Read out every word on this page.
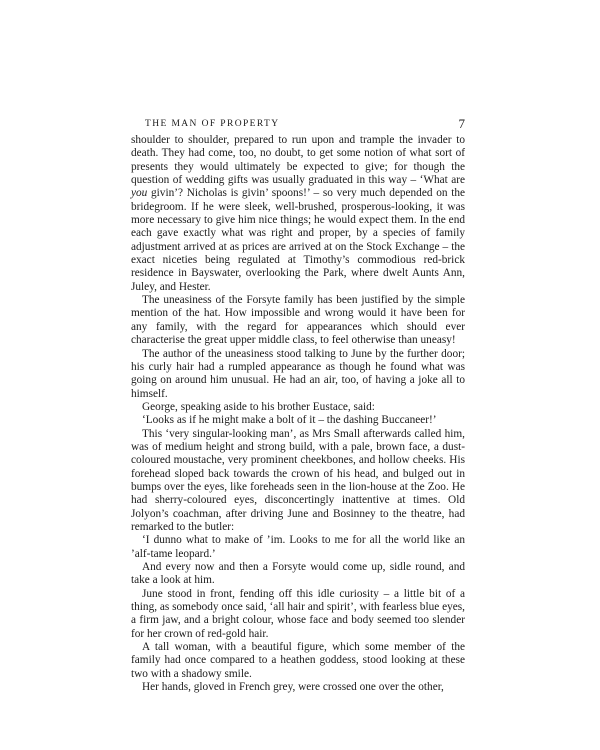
THE MAN OF PROPERTY	7

shoulder to shoulder, prepared to run upon and trample the invader to death. They had come, too, no doubt, to get some notion of what sort of presents they would ultimately be expected to give; for though the question of wedding gifts was usually graduated in this way – ‘What are you givin’? Nicholas is givin’ spoons!’ – so very much depended on the bridegroom. If he were sleek, well-brushed, prosperous-looking, it was more necessary to give him nice things; he would expect them. In the end each gave exactly what was right and proper, by a species of family adjustment arrived at as prices are arrived at on the Stock Exchange – the exact niceties being regulated at Timothy’s commodious red-brick residence in Bayswater, overlooking the Park, where dwelt Aunts Ann, Juley, and Hester.

The uneasiness of the Forsyte family has been justified by the simple mention of the hat. How impossible and wrong would it have been for any family, with the regard for appearances which should ever characterise the great upper middle class, to feel otherwise than uneasy!

The author of the uneasiness stood talking to June by the further door; his curly hair had a rumpled appearance as though he found what was going on around him unusual. He had an air, too, of having a joke all to himself.

George, speaking aside to his brother Eustace, said:

‘Looks as if he might make a bolt of it – the dashing Buccaneer!’

This ‘very singular-looking man’, as Mrs Small afterwards called him, was of medium height and strong build, with a pale, brown face, a dust-coloured moustache, very prominent cheekbones, and hollow cheeks. His forehead sloped back towards the crown of his head, and bulged out in bumps over the eyes, like foreheads seen in the lion-house at the Zoo. He had sherry-coloured eyes, disconcertingly inattentive at times. Old Jolyon’s coachman, after driving June and Bosinney to the theatre, had remarked to the butler:

‘I dunno what to make of ’im. Looks to me for all the world like an ’alf-tame leopard.’

And every now and then a Forsyte would come up, sidle round, and take a look at him.

June stood in front, fending off this idle curiosity – a little bit of a thing, as somebody once said, ‘all hair and spirit’, with fearless blue eyes, a firm jaw, and a bright colour, whose face and body seemed too slender for her crown of red-gold hair.

A tall woman, with a beautiful figure, which some member of the family had once compared to a heathen goddess, stood looking at these two with a shadowy smile.

Her hands, gloved in French grey, were crossed one over the other,
